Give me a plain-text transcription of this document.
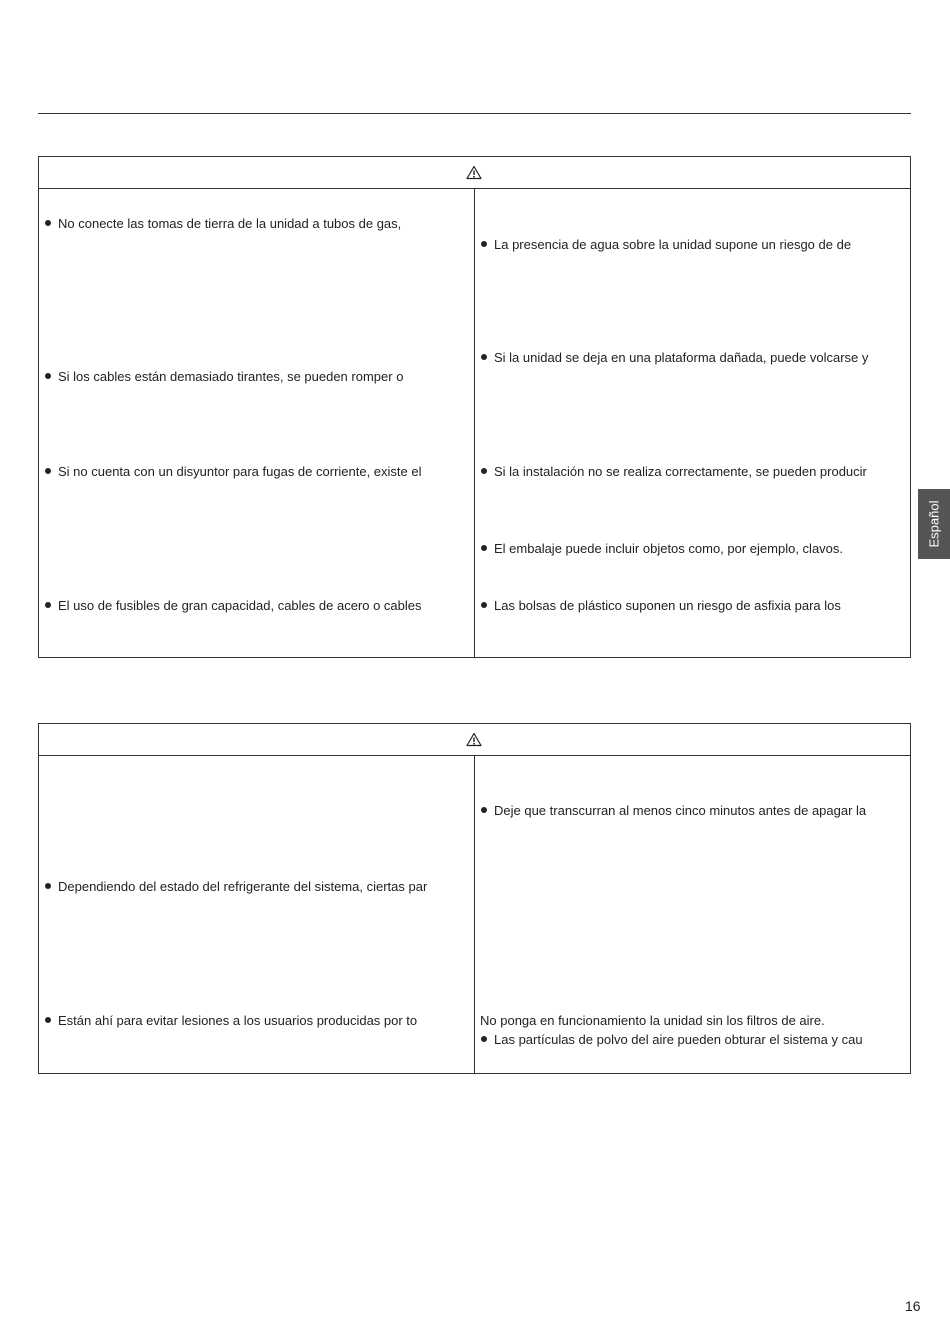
No conecte las tomas de tierra de la unidad a tubos de gas,
Si los cables están demasiado tirantes, se pueden romper o
Si no cuenta con un disyuntor para fugas de corriente, existe el
El uso de fusibles de gran capacidad, cables de acero o cables
La presencia de agua sobre la unidad supone un riesgo de de
Si la unidad se deja en una plataforma dañada, puede volcarse y
Si la instalación no se realiza correctamente, se pueden producir
El embalaje puede incluir objetos como, por ejemplo, clavos.
Las bolsas de plástico suponen un riesgo de asfixia para los
Dependiendo del estado del refrigerante del sistema, ciertas par
Están ahí para evitar lesiones a los usuarios producidas por to
Deje que transcurran al menos cinco minutos antes de apagar la
No ponga en funcionamiento la unidad sin los filtros de aire.
Las partículas de polvo del aire pueden obturar el sistema y cau
Español
16
